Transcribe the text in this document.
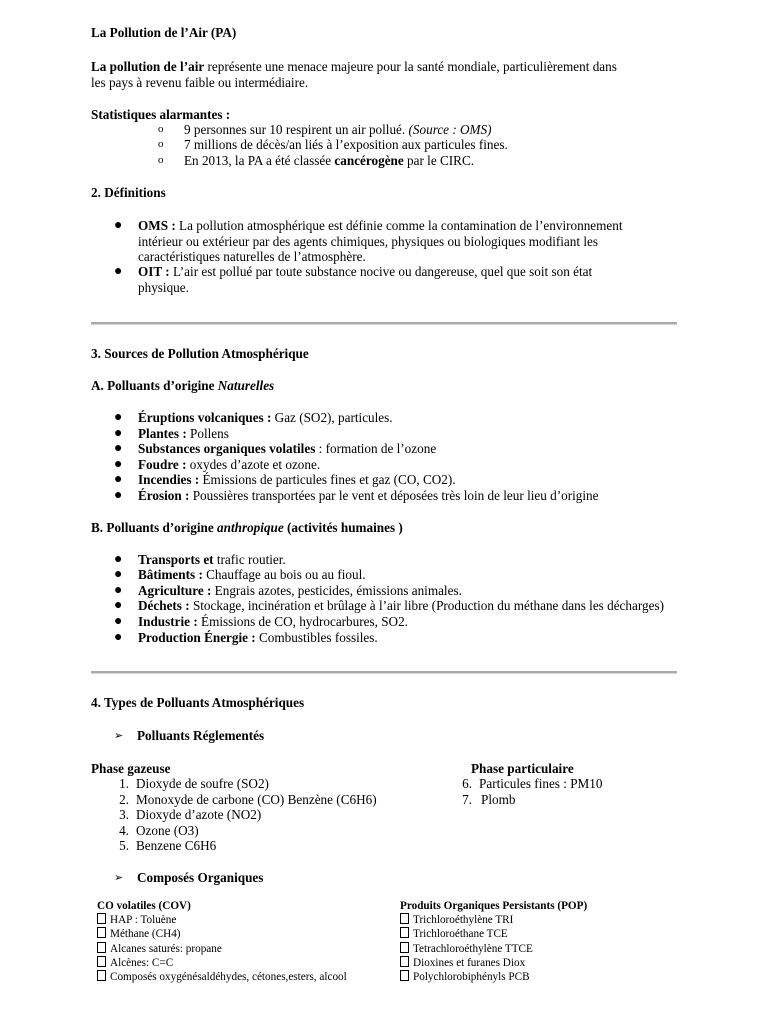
La Pollution de l’Air (PA)
La pollution de l’air représente une menace majeure pour la santé mondiale, particulièrement dans
les pays à revenu faible ou intermédiaire.
Statistiques alarmantes :
o 9 personnes sur 10 respirent un air pollué. (Source : OMS)
o 7 millions de décès/an liés à l’exposition aux particules fines.
o En 2013, la PA a été classée cancérogène par le CIRC.
2. Définitions
● OMS : La pollution atmosphérique est définie comme la contamination de l’environnement
intérieur ou extérieur par des agents chimiques, physiques ou biologiques modifiant les
caractéristiques naturelles de l’atmosphère.
● OIT : L’air est pollué par toute substance nocive ou dangereuse, quel que soit son état
physique.
3. Sources de Pollution Atmosphérique
A. Polluants d’origine Naturelles
● Éruptions volcaniques : Gaz (SO2), particules.
● Plantes : Pollens
● Substances organiques volatiles : formation de l’ozone
● Foudre : oxydes d’azote et ozone.
● Incendies : Émissions de particules fines et gaz (CO, CO2).
● Érosion : Poussières transportées par le vent et déposées très loin de leur lieu d’origine
B. Polluants d’origine anthropique (activités humaines )
● Transports et trafic routier.
● Bâtiments : Chauffage au bois ou au fioul.
● Agriculture : Engrais azotes, pesticides, émissions animales.
● Déchets : Stockage, incinération et brûlage à l’air libre (Production du méthane dans les décharges)
● Industrie : Émissions de CO, hydrocarbures, SO2.
● Production Énergie : Combustibles fossiles.
4. Types de Polluants Atmosphériques
➢ Polluants Réglementés
Phase gazeuse	Phase particulaire
1. Dioxyde de soufre (SO2)
2. Monoxyde de carbone (CO) Benzène (C6H6)
3. Dioxyde d’azote (NO2)
4. Ozone (O3)
5. Benzene C6H6
6. Particules fines : PM10
7. Plomb
➢ Composés Organiques
CO volatiles (COV)
HAP : Toluène
Méthane (CH4)
Alcanes saturés: propane
Alcènes: C=C
Composés oxygénésaldéhydes, cétones,esters, alcool
Produits Organiques Persistants (POP)
Trichloroéthylène TRI
Trichloroéthane TCE
Tetrachloroéthylène TTCE
Dioxines et furanes Diox
Polychlorobiphényls PCB
